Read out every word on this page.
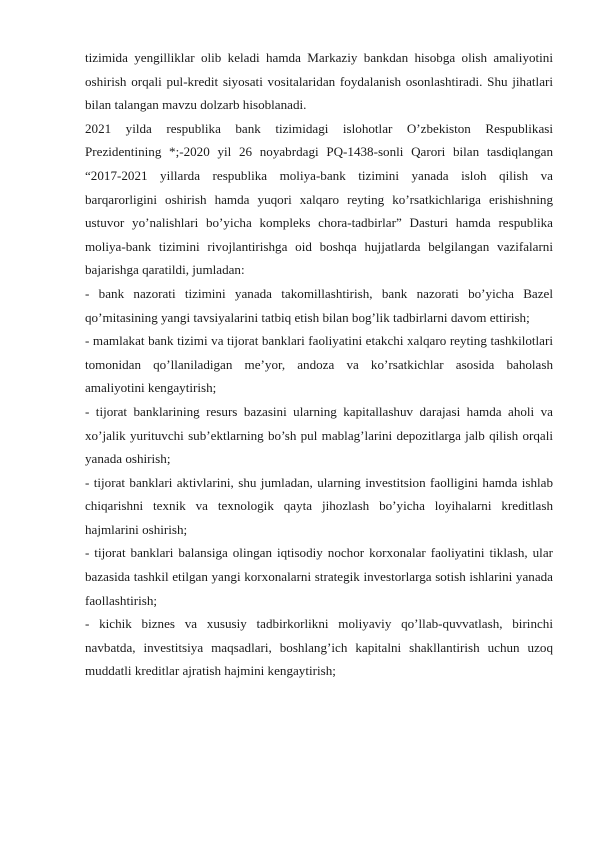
tizimida yengilliklar olib keladi hamda Markaziy bankdan hisobga olish amaliyotini oshirish orqali pul-kredit siyosati vositalaridan foydalanish osonlashtiradi. Shu jihatlari bilan talangan mavzu dolzarb hisoblanadi.

2021 yilda respublika bank tizimidagi islohotlar O’zbekiston Respublikasi Prezidentining *;-2020 yil 26 noyabrdagi PQ-1438-sonli Qarori bilan tasdiqlangan “2017-2021 yillarda respublika moliya-bank tizimini yanada isloh qilish va barqarorligini oshirish hamda yuqori xalqaro reyting ko’rsatkichlariga erishishning ustuvor yo’nalishlari bo’yicha kompleks chora-tadbirlar” Dasturi hamda respublika moliya-bank tizimini rivojlantirishga oid boshqa hujjatlarda belgilangan vazifalarni bajarishga qaratildi, jumladan:

- bank nazorati tizimini yanada takomillashtirish, bank nazorati bo’yicha Bazel qo’mitasining yangi tavsiyalarini tatbiq etish bilan bog’lik tadbirlarni davom ettirish;

- mamlakat bank tizimi va tijorat banklari faoliyatini etakchi xalqaro reyting tashkilotlari tomonidan qo’llaniladigan me’yor, andoza va ko’rsatkichlar asosida baholash amaliyotini kengaytirish;

- tijorat banklarining resurs bazasini ularning kapitallashuv darajasi hamda aholi va xo’jalik yurituvchi sub’ektlarning bo’sh pul mablag’larini depozitlarga jalb qilish orqali yanada oshirish;

- tijorat banklari aktivlarini, shu jumladan, ularning investitsion faolligini hamda ishlab chiqarishni texnik va texnologik qayta jihozlash bo’yicha loyihalarni kreditlash hajmlarini oshirish;

- tijorat banklari balansiga olingan iqtisodiy nochor korxonalar faoliyatini tiklash, ular bazasida tashkil etilgan yangi korxonalarni strategik investorlarga sotish ishlarini yanada faollashtirish;

- kichik biznes va xususiy tadbirkorlikni moliyaviy qo’llab-quvvatlash, birinchi navbatda, investitsiya maqsadlari, boshlang’ich kapitalni shakllantirish uchun uzoq muddatli kreditlar ajratish hajmini kengaytirish;
